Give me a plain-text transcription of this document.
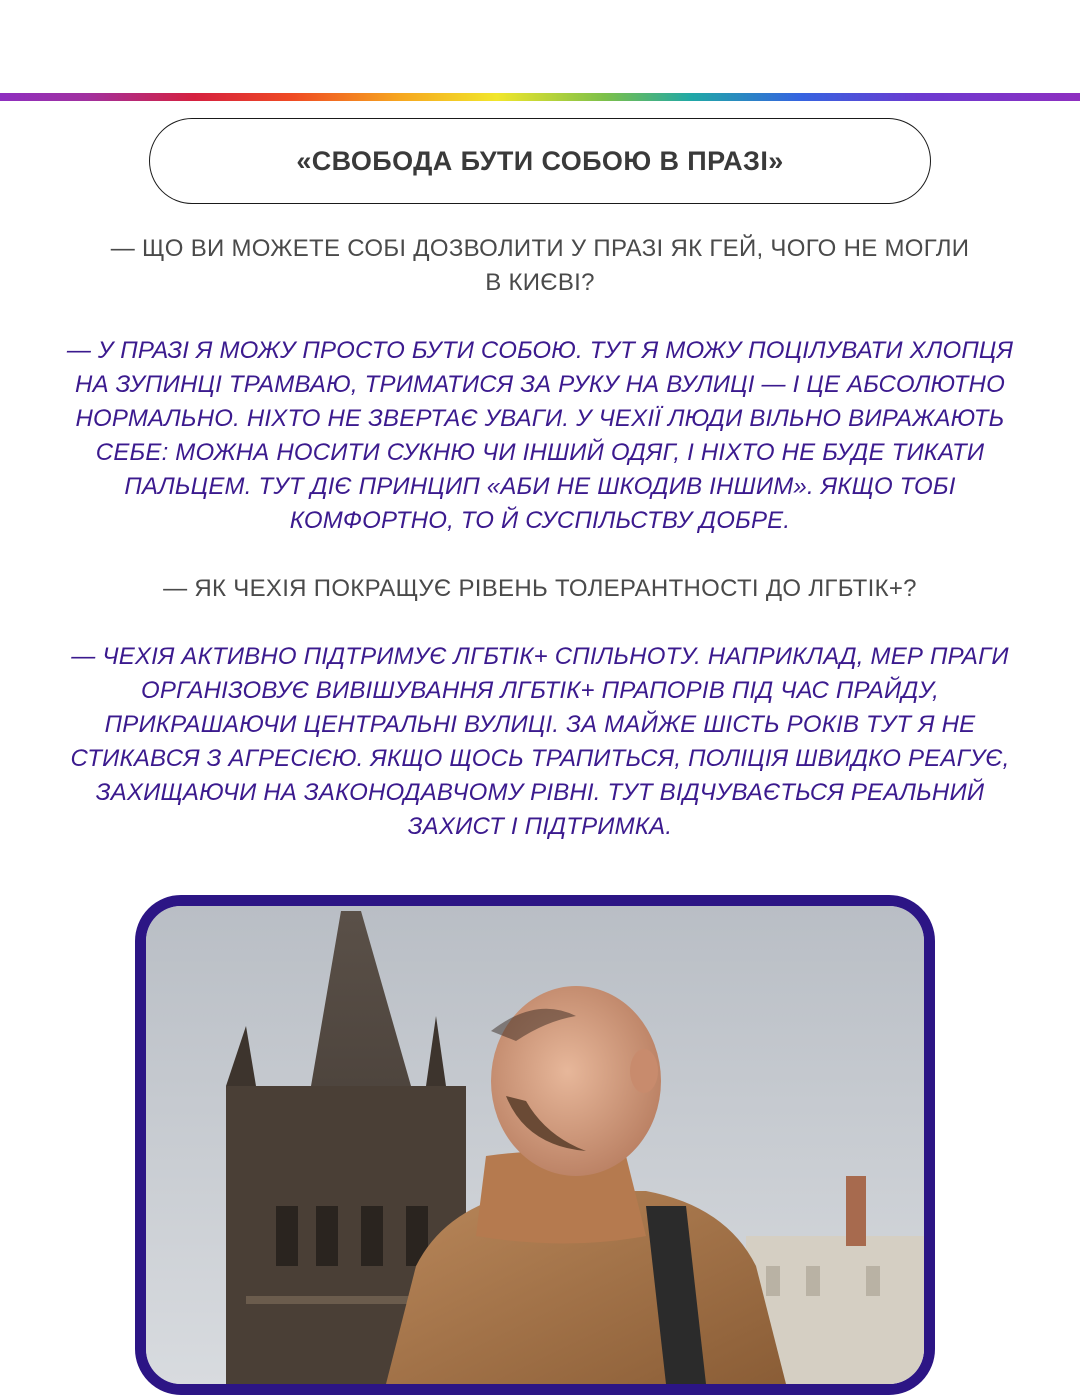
«СВОБОДА БУТИ СОБОЮ В ПРАЗІ»

— ЩО ВИ МОЖЕТЕ СОБІ ДОЗВОЛИТИ У ПРАЗІ ЯК ГЕЙ, ЧОГО НЕ МОГЛИ
В КИЄВІ?

— У ПРАЗІ Я МОЖУ ПРОСТО БУТИ СОБОЮ. ТУТ Я МОЖУ ПОЦІЛУВАТИ ХЛОПЦЯ
НА ЗУПИНЦІ ТРАМВАЮ, ТРИМАТИСЯ ЗА РУКУ НА ВУЛИЦІ — І ЦЕ АБСОЛЮТНО
НОРМАЛЬНО. НІХТО НЕ ЗВЕРТАЄ УВАГИ. У ЧЕХІЇ ЛЮДИ ВІЛЬНО ВИРАЖАЮТЬ
СЕБЕ: МОЖНА НОСИТИ СУКНЮ ЧИ ІНШИЙ ОДЯГ, І НІХТО НЕ БУДЕ ТИКАТИ
ПАЛЬЦЕМ. ТУТ ДІЄ ПРИНЦИП «АБИ НЕ ШКОДИВ ІНШИМ». ЯКЩО ТОБІ
КОМФОРТНО, ТО Й СУСПІЛЬСТВУ ДОБРЕ.

— ЯК ЧЕХІЯ ПОКРАЩУЄ РІВЕНЬ ТОЛЕРАНТНОСТІ ДО ЛГБТІК+?

— ЧЕХІЯ АКТИВНО ПІДТРИМУЄ ЛГБТІК+ СПІЛЬНОТУ. НАПРИКЛАД, МЕР ПРАГИ
ОРГАНІЗОВУЄ ВИВІШУВАННЯ ЛГБТІК+ ПРАПОРІВ ПІД ЧАС ПРАЙДУ,
ПРИКРАШАЮЧИ ЦЕНТРАЛЬНІ ВУЛИЦІ. ЗА МАЙЖЕ ШІСТЬ РОКІВ ТУТ Я НЕ
СТИКАВСЯ З АГРЕСІЄЮ. ЯКЩО ЩОСЬ ТРАПИТЬСЯ, ПОЛІЦІЯ ШВИДКО РЕАГУЄ,
ЗАХИЩАЮЧИ НА ЗАКОНОДАВЧОМУ РІВНІ. ТУТ ВІДЧУВАЄТЬСЯ РЕАЛЬНИЙ
ЗАХИСТ І ПІДТРИМКА.
